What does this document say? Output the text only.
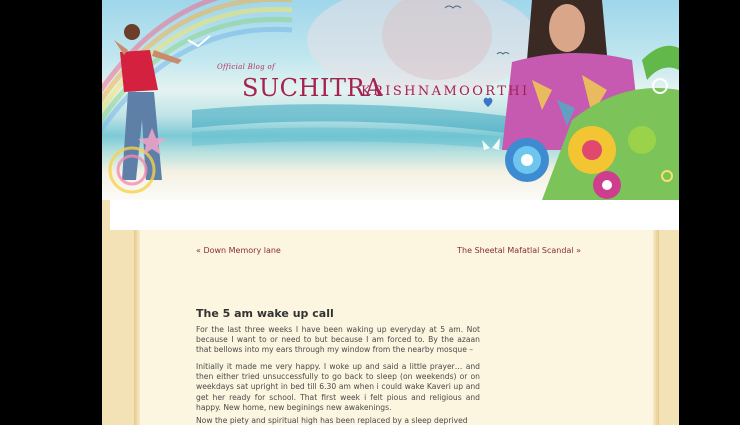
Official Blog of
SUCHITRA
KRISHNAMOORTHI
« Down Memory lane	The Sheetal Mafatlal Scandal »
The 5 am wake up call

For the last three weeks I have been waking up everyday at 5 am. Not because I want to or need to but because I am forced to. By the azaan that bellows into my ears through my window from the nearby mosque –

Initially it made me very happy. I woke up and said a little prayer… and then either tried unsuccessfully to go back to sleep (on weekends) or on weekdays sat upright in bed till 6.30 am when i could wake Kaveri up and get her ready for school. That first week i felt pious and religious and happy. New home, new beginings new awakenings.

Now the piety and spiritual high has been replaced by a sleep deprived
